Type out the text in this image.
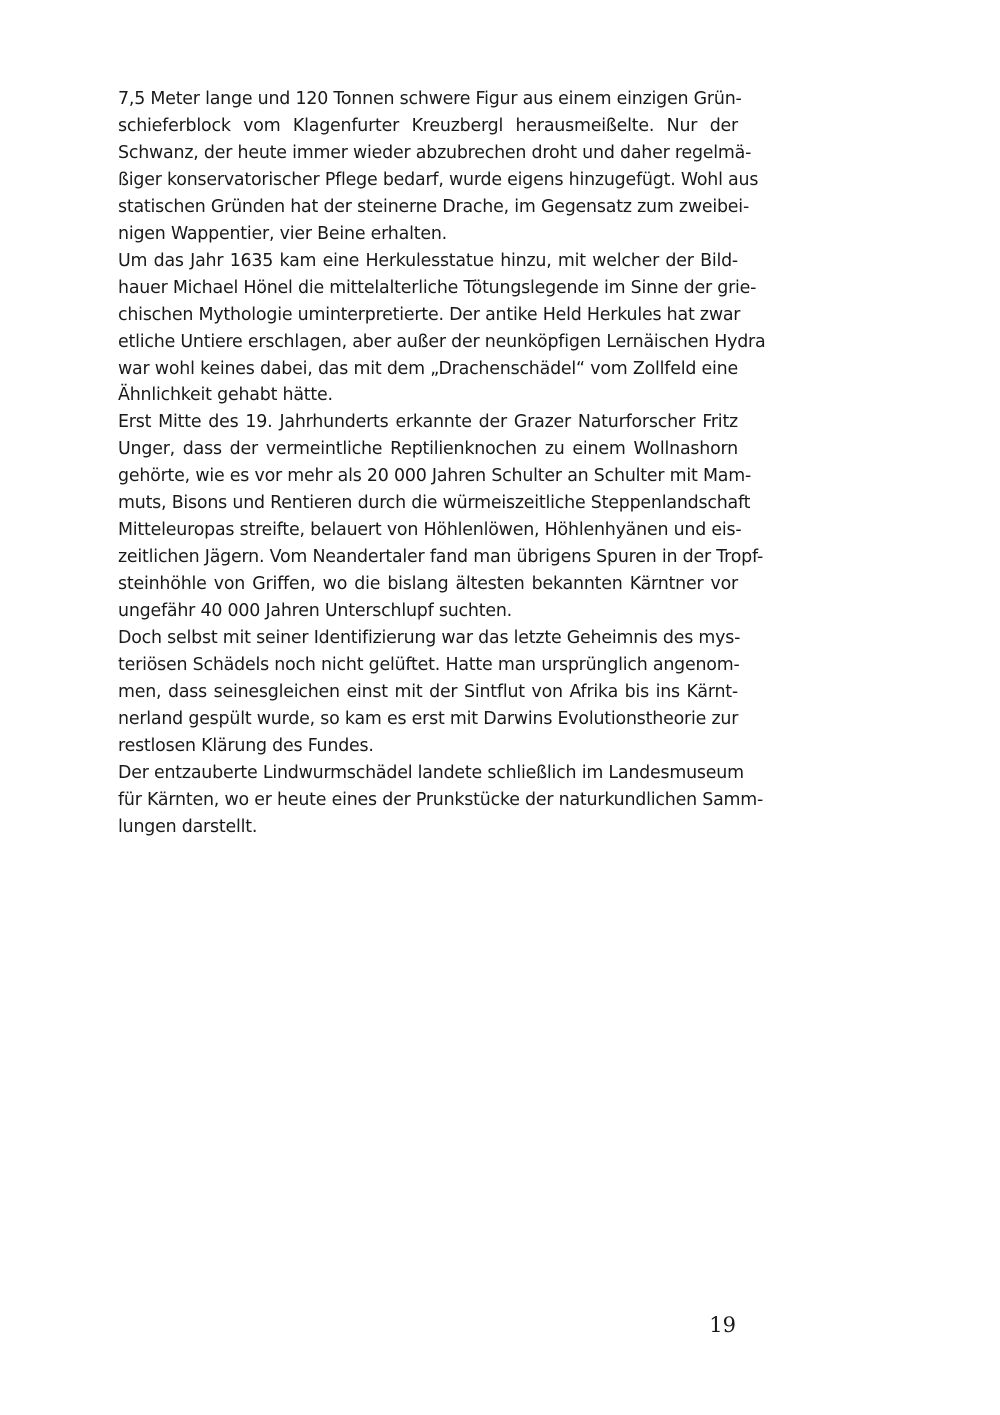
7,5 Meter lange und 120 Tonnen schwere Figur aus einem einzigen Grün-
schieferblock vom Klagenfurter Kreuzbergl herausmeißelte. Nur der
Schwanz, der heute immer wieder abzubrechen droht und daher regelmä-
ßiger konservatorischer Pflege bedarf, wurde eigens hinzugefügt. Wohl aus
statischen Gründen hat der steinerne Drache, im Gegensatz zum zweibei-
nigen Wappentier, vier Beine erhalten.

Um das Jahr 1635 kam eine Herkulesstatue hinzu, mit welcher der Bild-
hauer Michael Hönel die mittelalterliche Tötungslegende im Sinne der grie-
chischen Mythologie uminterpretierte. Der antike Held Herkules hat zwar
etliche Untiere erschlagen, aber außer der neunköpfigen Lernäischen Hydra
war wohl keines dabei, das mit dem „Drachenschädel“ vom Zollfeld eine
Ähnlichkeit gehabt hätte.

Erst Mitte des 19. Jahrhunderts erkannte der Grazer Naturforscher Fritz
Unger, dass der vermeintliche Reptilienknochen zu einem Wollnashorn
gehörte, wie es vor mehr als 20 000 Jahren Schulter an Schulter mit Mam-
muts, Bisons und Rentieren durch die würmeiszeitliche Steppenlandschaft
Mitteleuropas streifte, belauert von Höhlenlöwen, Höhlenhyänen und eis-
zeitlichen Jägern. Vom Neandertaler fand man übrigens Spuren in der Tropf-
steinhöhle von Griffen, wo die bislang ältesten bekannten Kärntner vor
ungefähr 40 000 Jahren Unterschlupf suchten.

Doch selbst mit seiner Identifizierung war das letzte Geheimnis des mys-
teriösen Schädels noch nicht gelüftet. Hatte man ursprünglich angenom-
men, dass seinesgleichen einst mit der Sintflut von Afrika bis ins Kärnt-
nerland gespült wurde, so kam es erst mit Darwins Evolutionstheorie zur
restlosen Klärung des Fundes.

Der entzauberte Lindwurmschädel landete schließlich im Landesmuseum
für Kärnten, wo er heute eines der Prunkstücke der naturkundlichen Samm-
lungen darstellt.

19
